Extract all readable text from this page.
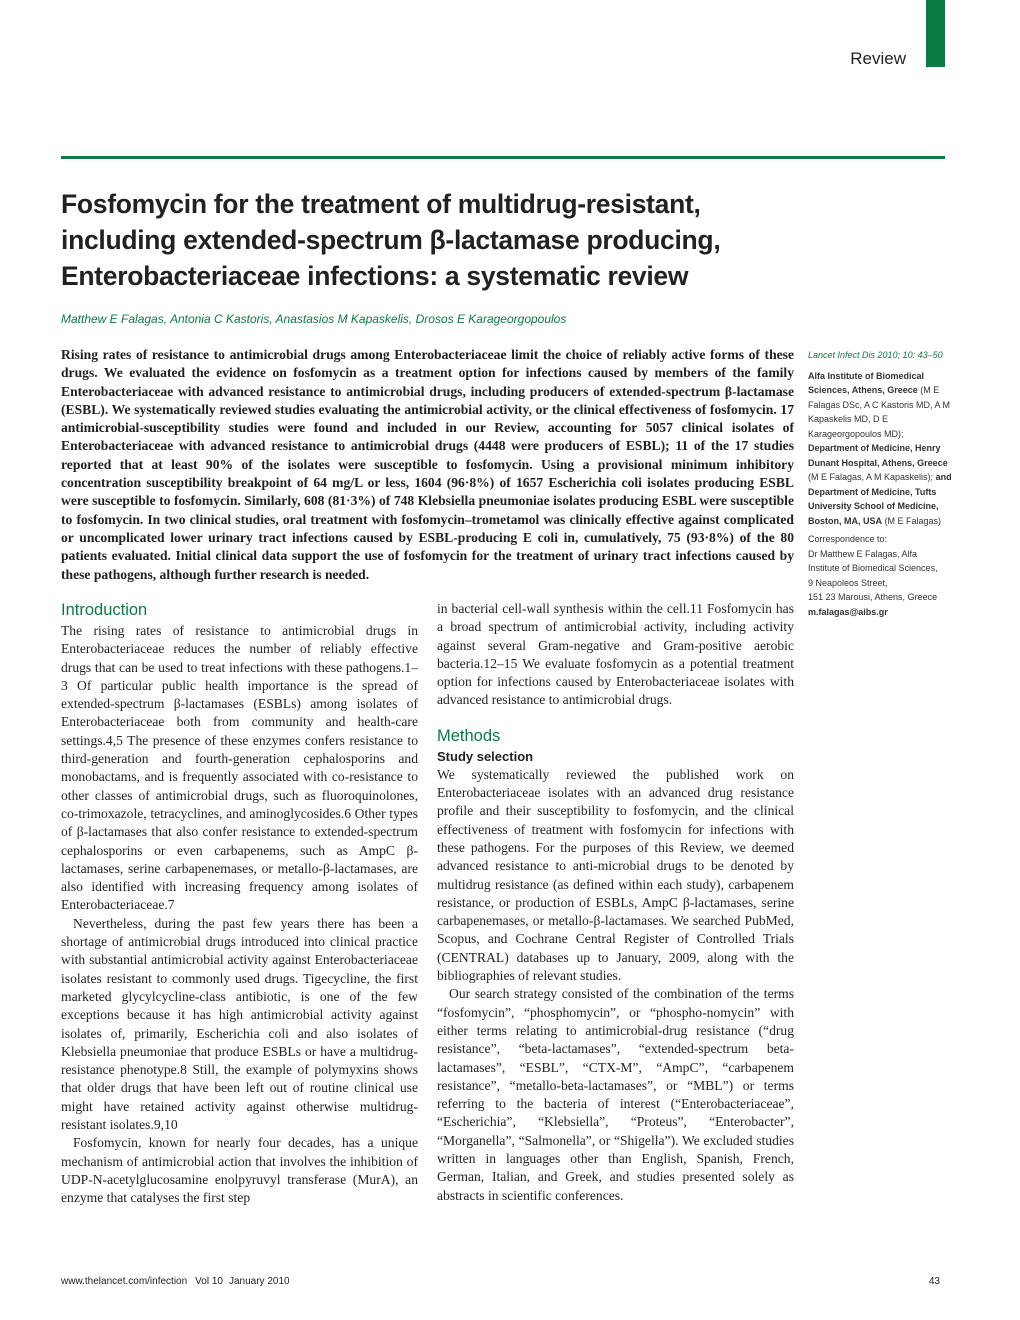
Review
Fosfomycin for the treatment of multidrug-resistant, including extended-spectrum β-lactamase producing, Enterobacteriaceae infections: a systematic review
Matthew E Falagas, Antonia C Kastoris, Anastasios M Kapaskelis, Drosos E Karageorgopoulos

Rising rates of resistance to antimicrobial drugs among Enterobacteriaceae limit the choice of reliably active forms of these drugs. We evaluated the evidence on fosfomycin as a treatment option for infections caused by members of the family Enterobacteriaceae with advanced resistance to antimicrobial drugs, including producers of extended-spectrum β-lactamase (ESBL). We systematically reviewed studies evaluating the antimicrobial activity, or the clinical effectiveness of fosfomycin. 17 antimicrobial-susceptibility studies were found and included in our Review, accounting for 5057 clinical isolates of Enterobacteriaceae with advanced resistance to antimicrobial drugs (4448 were producers of ESBL); 11 of the 17 studies reported that at least 90% of the isolates were susceptible to fosfomycin. Using a provisional minimum inhibitory concentration susceptibility breakpoint of 64 mg/L or less, 1604 (96·8%) of 1657 Escherichia coli isolates producing ESBL were susceptible to fosfomycin. Similarly, 608 (81·3%) of 748 Klebsiella pneumoniae isolates producing ESBL were susceptible to fosfomycin. In two clinical studies, oral treatment with fosfomycin–trometamol was clinically effective against complicated or uncomplicated lower urinary tract infections caused by ESBL-producing E coli in, cumulatively, 75 (93·8%) of the 80 patients evaluated. Initial clinical data support the use of fosfomycin for the treatment of urinary tract infections caused by these pathogens, although further research is needed.

Introduction

The rising rates of resistance to antimicrobial drugs in Enterobacteriaceae reduces the number of reliably effective drugs that can be used to treat infections with these pathogens.1–3 Of particular public health importance is the spread of extended-spectrum β-lactamases (ESBLs) among isolates of Enterobacteriaceae both from community and health-care settings.4,5 The presence of these enzymes confers resistance to third-generation and fourth-generation cephalosporins and monobactams, and is frequently associated with co-resistance to other classes of antimicrobial drugs, such as fluoroquinolones, co-trimoxazole, tetracyclines, and aminoglycosides.6 Other types of β-lactamases that also confer resistance to extended-spectrum cephalosporins or even carbapenems, such as AmpC β-lactamases, serine carbapenemases, or metallo-β-lactamases, are also identified with increasing frequency among isolates of Enterobacteriaceae.7

Nevertheless, during the past few years there has been a shortage of antimicrobial drugs introduced into clinical practice with substantial antimicrobial activity against Enterobacteriaceae isolates resistant to commonly used drugs. Tigecycline, the first marketed glycylcycline-class antibiotic, is one of the few exceptions because it has high antimicrobial activity against isolates of, primarily, Escherichia coli and also isolates of Klebsiella pneumoniae that produce ESBLs or have a multidrug-resistance phenotype.8 Still, the example of polymyxins shows that older drugs that have been left out of routine clinical use might have retained activity against otherwise multidrug-resistant isolates.9,10

Fosfomycin, known for nearly four decades, has a unique mechanism of antimicrobial action that involves the inhibition of UDP-N-acetylglucosamine enolpyruvyl transferase (MurA), an enzyme that catalyses the first step

in bacterial cell-wall synthesis within the cell.11 Fosfomycin has a broad spectrum of antimicrobial activity, including activity against several Gram-negative and Gram-positive aerobic bacteria.12–15 We evaluate fosfomycin as a potential treatment option for infections caused by Enterobacteriaceae isolates with advanced resistance to antimicrobial drugs.

Methods
Study selection

We systematically reviewed the published work on Enterobacteriaceae isolates with an advanced drug resistance profile and their susceptibility to fosfomycin, and the clinical effectiveness of treatment with fosfomycin for infections with these pathogens. For the purposes of this Review, we deemed advanced resistance to anti-microbial drugs to be denoted by multidrug resistance (as defined within each study), carbapenem resistance, or production of ESBLs, AmpC β-lactamases, serine carbapenemases, or metallo-β-lactamases. We searched PubMed, Scopus, and Cochrane Central Register of Controlled Trials (CENTRAL) databases up to January, 2009, along with the bibliographies of relevant studies.

Our search strategy consisted of the combination of the terms “fosfomycin”, “phosphomycin”, or “phospho-nomycin” with either terms relating to antimicrobial-drug resistance (“drug resistance”, “beta-lactamases”, “extended-spectrum beta-lactamases”, “ESBL”, “CTX-M”, “AmpC”, “carbapenem resistance”, “metallo-beta-lactamases”, or “MBL”) or terms referring to the bacteria of interest (“Enterobacteriaceae”, “Escherichia”, “Klebsiella”, “Proteus”, “Enterobacter”, “Morganella”, “Salmonella”, or “Shigella”). We excluded studies written in languages other than English, Spanish, French, German, Italian, and Greek, and studies presented solely as abstracts in scientific conferences.

Lancet Infect Dis 2010; 10: 43–50

Alfa Institute of Biomedical Sciences, Athens, Greece (M E Falagas DSc, A C Kastoris MD, A M Kapaskelis MD, D E Karageorgopoulos MD);

Department of Medicine, Henry Dunant Hospital, Athens, Greece (M E Falagas, A M Kapaskelis); and

Department of Medicine, Tufts University School of Medicine, Boston, MA, USA (M E Falagas)

Correspondence to:
Dr Matthew E Falagas, Alfa
Institute of Biomedical Sciences,
9 Neapoleos Street,
151 23 Marousi, Athens, Greece
m.falagas@aibs.gr
www.thelancet.com/infection Vol 10 January 2010	43
